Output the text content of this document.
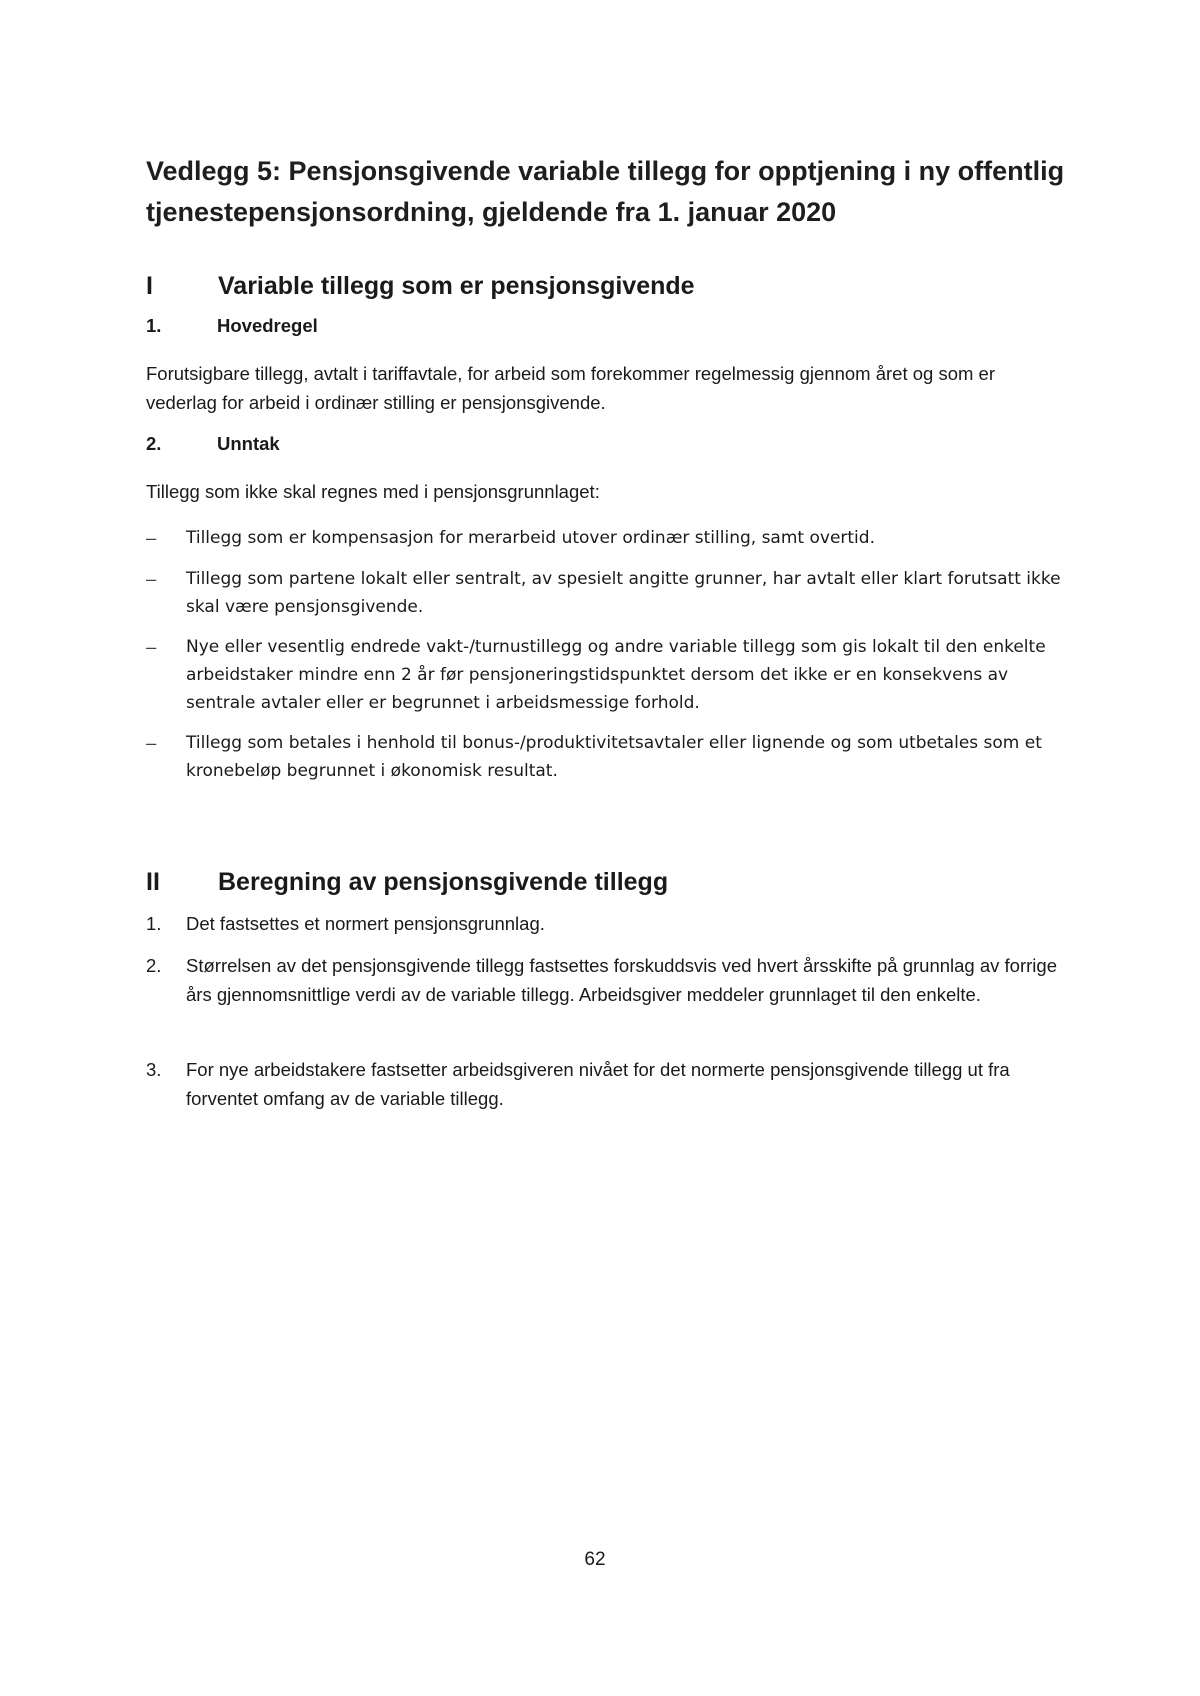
Vedlegg 5: Pensjonsgivende variable tillegg for opptjening i ny offentlig tjenestepensjonsordning, gjeldende fra 1. januar 2020
I	Variable tillegg som er pensjonsgivende
1.	Hovedregel

Forutsigbare tillegg, avtalt i tariffavtale, for arbeid som forekommer regelmessig gjennom året og som er vederlag for arbeid i ordinær stilling er pensjonsgivende.

2.	Unntak

Tillegg som ikke skal regnes med i pensjonsgrunnlaget:

– Tillegg som er kompensasjon for merarbeid utover ordinær stilling, samt overtid.
– Tillegg som partene lokalt eller sentralt, av spesielt angitte grunner, har avtalt eller klart forutsatt ikke skal være pensjonsgivende.
– Nye eller vesentlig endrede vakt-/turnustillegg og andre variable tillegg som gis lokalt til den enkelte arbeidstaker mindre enn 2 år før pensjoneringstidspunktet dersom det ikke er en konsekvens av sentrale avtaler eller er begrunnet i arbeidsmessige forhold.
– Tillegg som betales i henhold til bonus-/produktivitetsavtaler eller lignende og som utbetales som et kronebeløp begrunnet i økonomisk resultat.
II Beregning av pensjonsgivende tillegg
1. Det fastsettes et normert pensjonsgrunnlag.
2. Størrelsen av det pensjonsgivende tillegg fastsettes forskuddsvis ved hvert årsskifte på grunnlag av forrige års gjennomsnittlige verdi av de variable tillegg. Arbeidsgiver meddeler grunnlaget til den enkelte.
3. For nye arbeidstakere fastsetter arbeidsgiveren nivået for det normerte pensjonsgivende tillegg ut fra forventet omfang av de variable tillegg.
62
